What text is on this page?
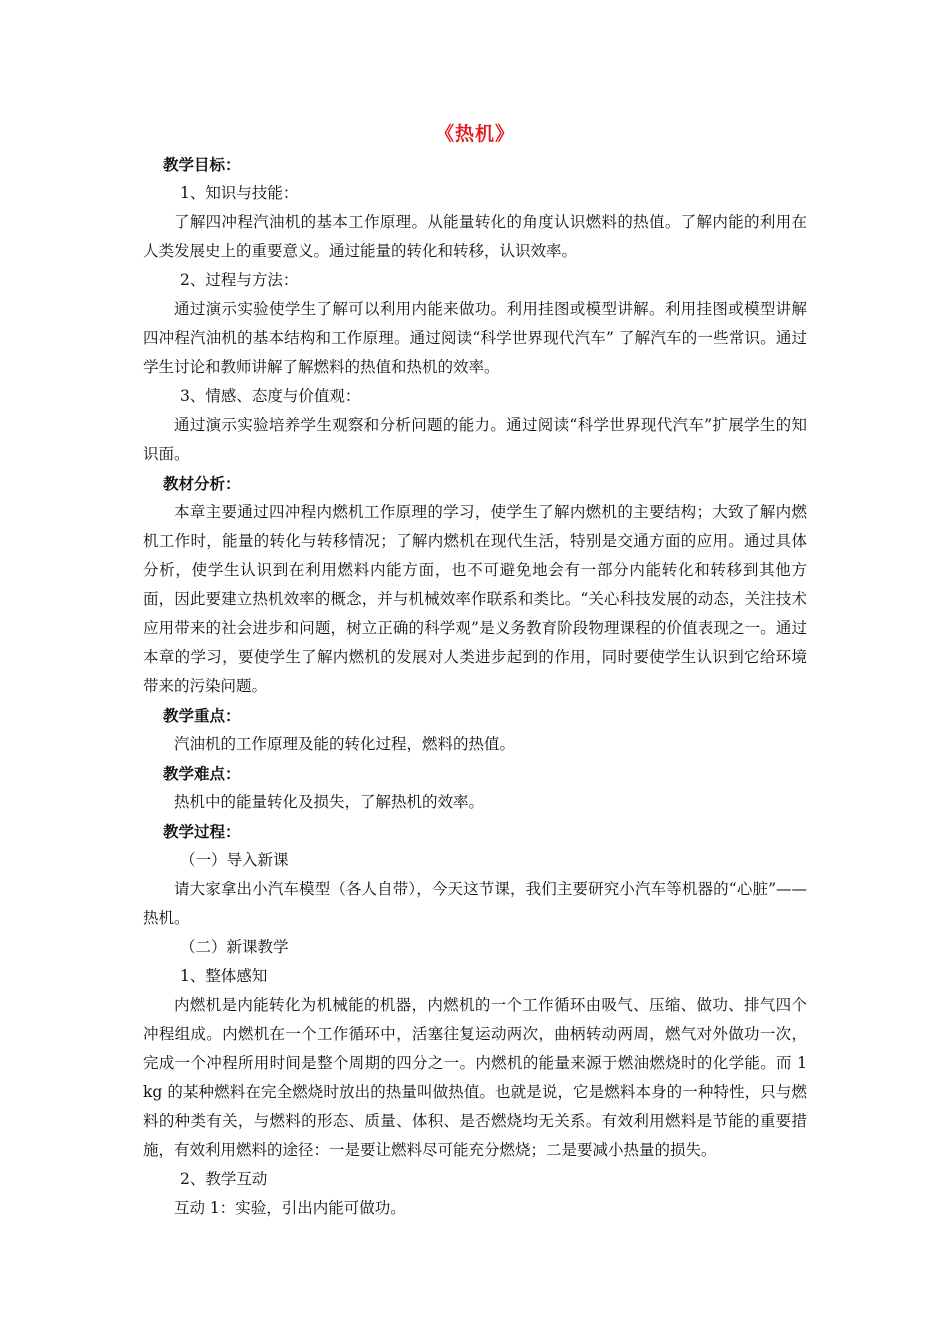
《热机》

教学目标：

1、知识与技能：

了解四冲程汽油机的基本工作原理。从能量转化的角度认识燃料的热值。了解内能的利用在人类发展史上的重要意义。通过能量的转化和转移，认识效率。

2、过程与方法：

通过演示实验使学生了解可以利用内能来做功。利用挂图或模型讲解。利用挂图或模型讲解四冲程汽油机的基本结构和工作原理。通过阅读“科学世界现代汽车” 了解汽车的一些常识。通过学生讨论和教师讲解了解燃料的热值和热机的效率。

3、情感、态度与价值观：

通过演示实验培养学生观察和分析问题的能力。通过阅读“科学世界现代汽车”扩展学生的知识面。

教材分析：

本章主要通过四冲程内燃机工作原理的学习，使学生了解内燃机的主要结构；大致了解内燃机工作时，能量的转化与转移情况；了解内燃机在现代生活，特别是交通方面的应用。通过具体分析，使学生认识到在利用燃料内能方面，也不可避免地会有一部分内能转化和转移到其他方面，因此要建立热机效率的概念，并与机械效率作联系和类比。“关心科技发展的动态，关注技术应用带来的社会进步和问题，树立正确的科学观”是义务教育阶段物理课程的价值表现之一。通过本章的学习，要使学生了解内燃机的发展对人类进步起到的作用，同时要使学生认识到它给环境带来的污染问题。

教学重点：

汽油机的工作原理及能的转化过程，燃料的热值。

教学难点：

热机中的能量转化及损失，了解热机的效率。

教学过程：

（一）导入新课

请大家拿出小汽车模型（各人自带），今天这节课，我们主要研究小汽车等机器的“心脏”——热机。

（二）新课教学

1、整体感知

内燃机是内能转化为机械能的机器，内燃机的一个工作循环由吸气、压缩、做功、排气四个冲程组成。内燃机在一个工作循环中，活塞往复运动两次，曲柄转动两周，燃气对外做功一次，完成一个冲程所用时间是整个周期的四分之一。内燃机的能量来源于燃油燃烧时的化学能。而 1 kg 的某种燃料在完全燃烧时放出的热量叫做热值。也就是说，它是燃料本身的一种特性，只与燃料的种类有关，与燃料的形态、质量、体积、是否燃烧均无关系。有效利用燃料是节能的重要措施，有效利用燃料的途径：一是要让燃料尽可能充分燃烧；二是要减小热量的损失。

2、教学互动

互动 1：实验，引出内能可做功。
